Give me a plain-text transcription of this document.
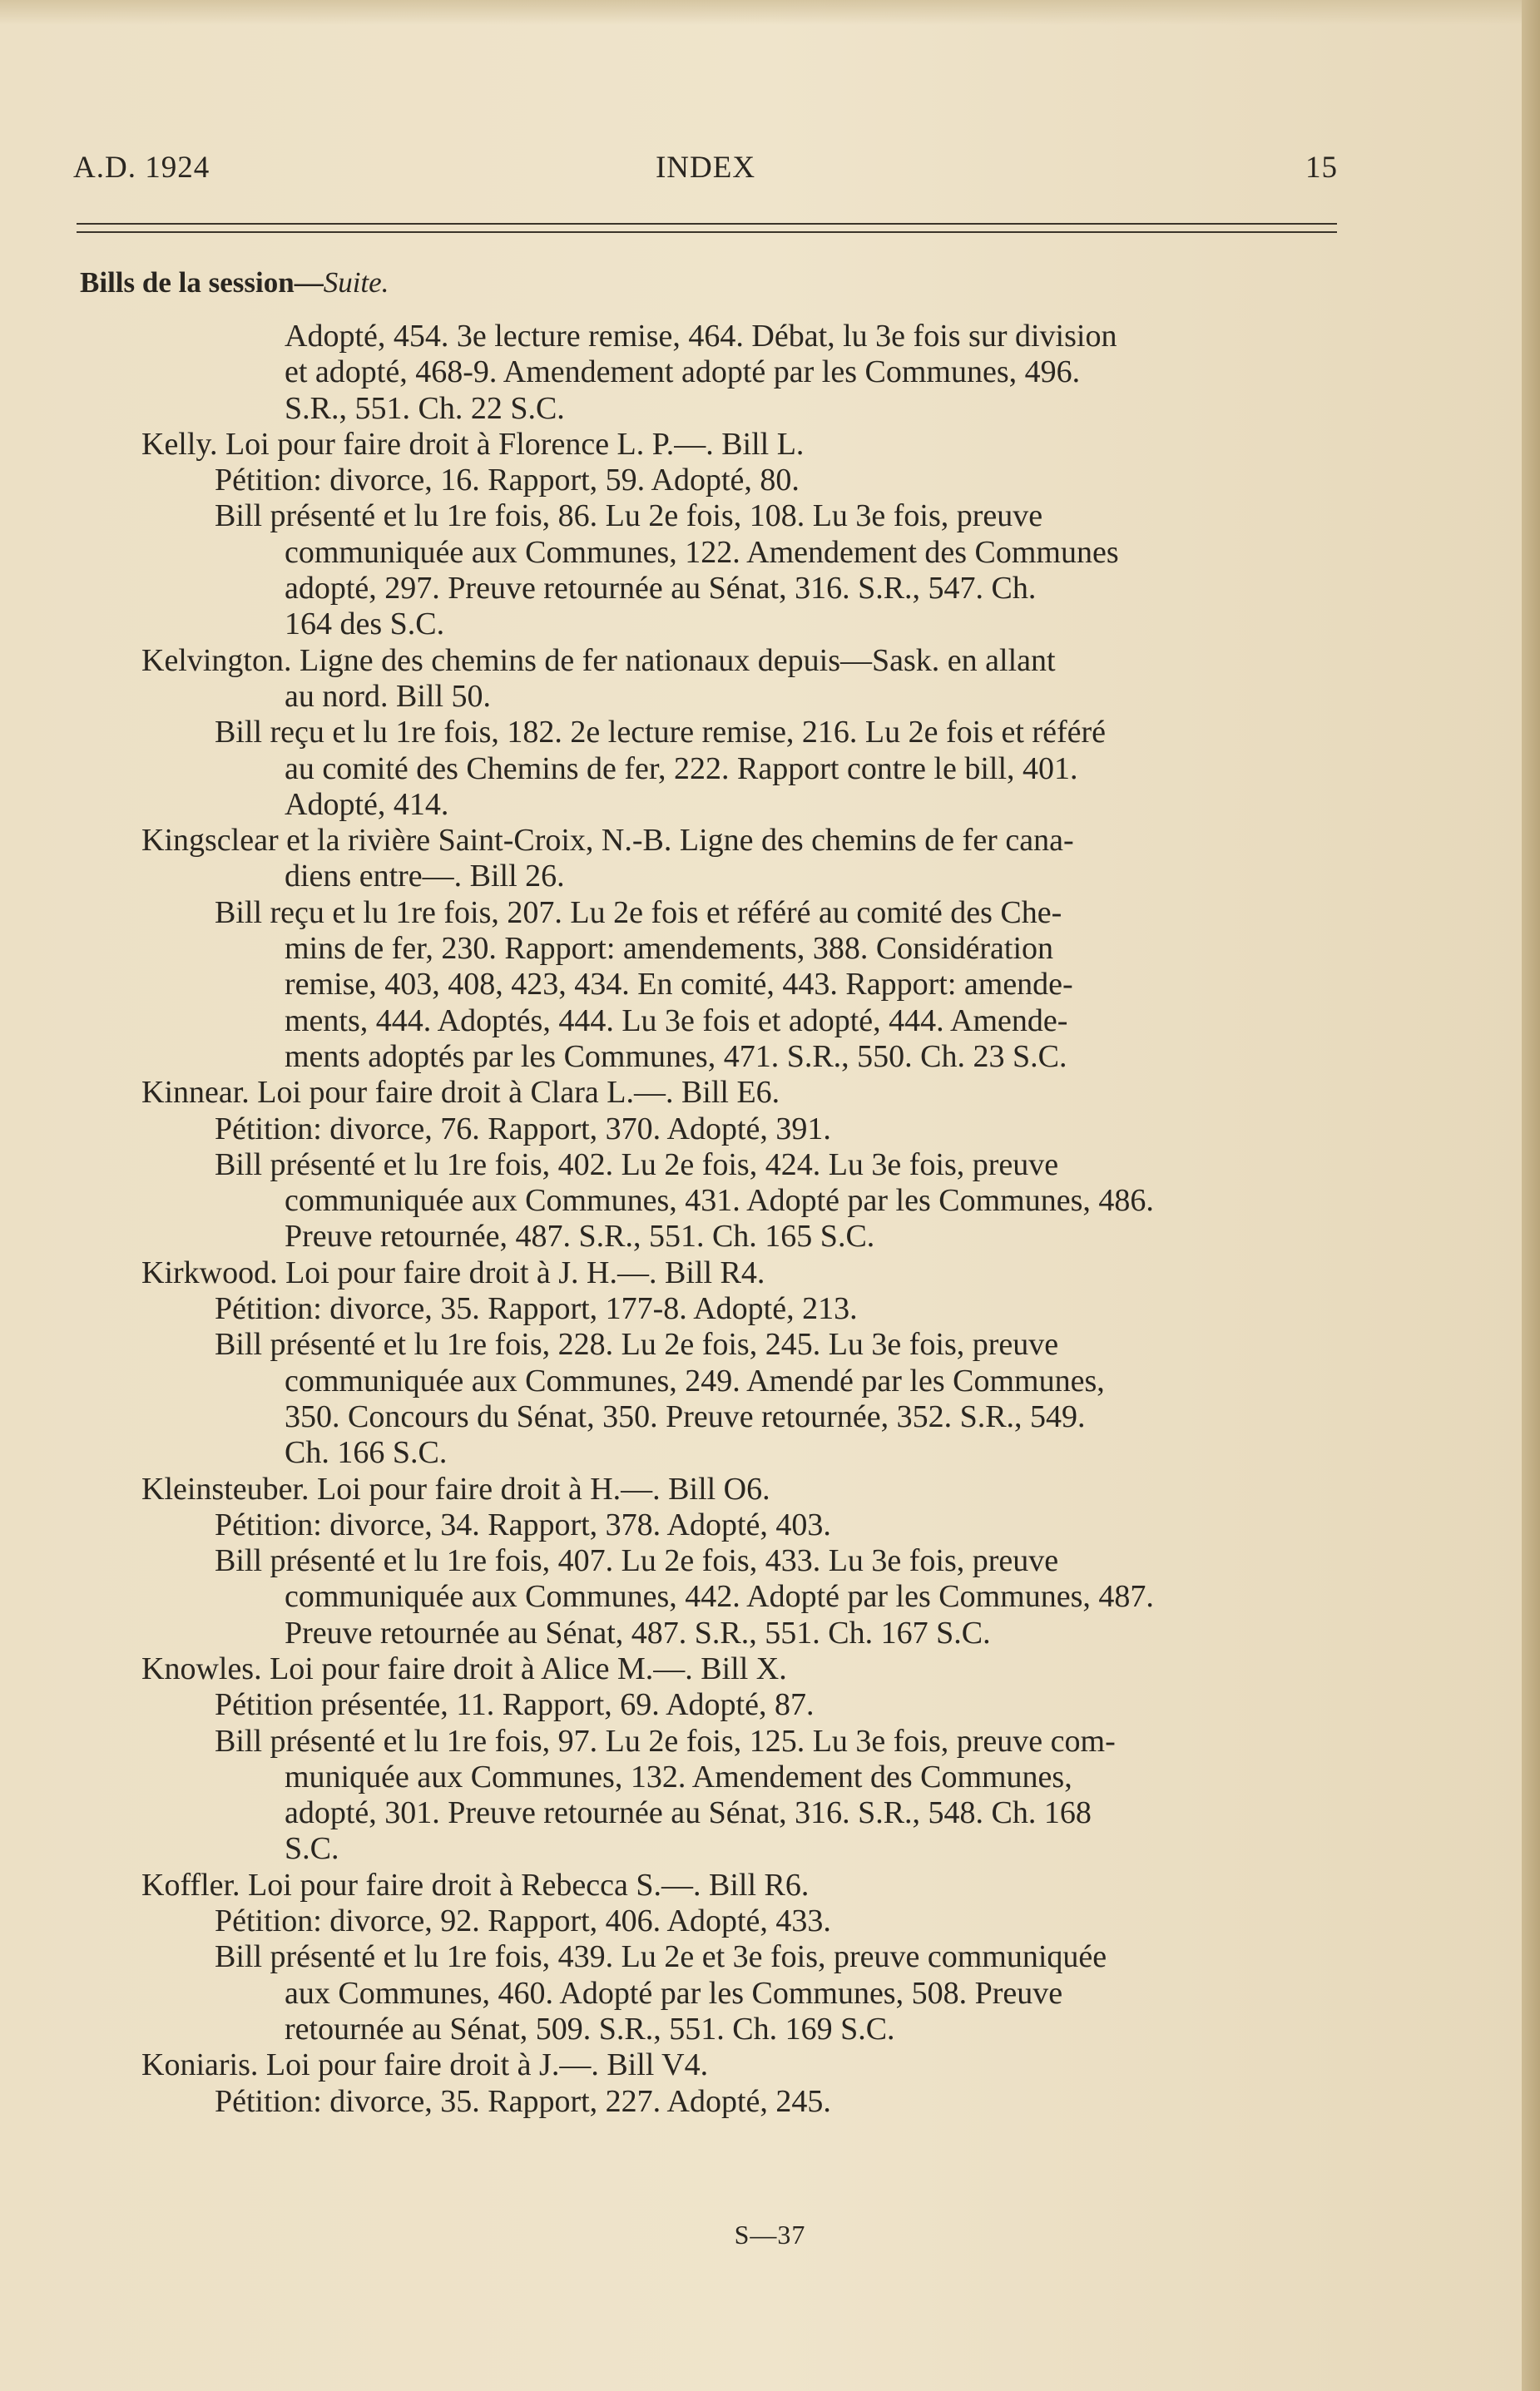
A.D. 1924	INDEX	15
Bills de la session—Suite.
Adopté, 454. 3e lecture remise, 464. Débat, lu 3e fois sur division
et adopté, 468-9. Amendement adopté par les Communes, 496.
S.R., 551. Ch. 22 S.C.
Kelly. Loi pour faire droit à Florence L. P.—. Bill L.
Pétition: divorce, 16. Rapport, 59. Adopté, 80.
Bill présenté et lu 1re fois, 86. Lu 2e fois, 108. Lu 3e fois, preuve
communiquée aux Communes, 122. Amendement des Communes
adopté, 297. Preuve retournée au Sénat, 316. S.R., 547. Ch.
164 des S.C.
Kelvington. Ligne des chemins de fer nationaux depuis—Sask. en allant
au nord. Bill 50.
Bill reçu et lu 1re fois, 182. 2e lecture remise, 216. Lu 2e fois et référé
au comité des Chemins de fer, 222. Rapport contre le bill, 401.
Adopté, 414.
Kingsclear et la rivière Saint-Croix, N.-B. Ligne des chemins de fer cana-
diens entre—. Bill 26.
Bill reçu et lu 1re fois, 207. Lu 2e fois et référé au comité des Che-
mins de fer, 230. Rapport: amendements, 388. Considération
remise, 403, 408, 423, 434. En comité, 443. Rapport: amende-
ments, 444. Adoptés, 444. Lu 3e fois et adopté, 444. Amende-
ments adoptés par les Communes, 471. S.R., 550. Ch. 23 S.C.
Kinnear. Loi pour faire droit à Clara L.—. Bill E6.
Pétition: divorce, 76. Rapport, 370. Adopté, 391.
Bill présenté et lu 1re fois, 402. Lu 2e fois, 424. Lu 3e fois, preuve
communiquée aux Communes, 431. Adopté par les Communes, 486.
Preuve retournée, 487. S.R., 551. Ch. 165 S.C.
Kirkwood. Loi pour faire droit à J. H.—. Bill R4.
Pétition: divorce, 35. Rapport, 177-8. Adopté, 213.
Bill présenté et lu 1re fois, 228. Lu 2e fois, 245. Lu 3e fois, preuve
communiquée aux Communes, 249. Amendé par les Communes,
350. Concours du Sénat, 350. Preuve retournée, 352. S.R., 549.
Ch. 166 S.C.
Kleinsteuber. Loi pour faire droit à H.—. Bill O6.
Pétition: divorce, 34. Rapport, 378. Adopté, 403.
Bill présenté et lu 1re fois, 407. Lu 2e fois, 433. Lu 3e fois, preuve
communiquée aux Communes, 442. Adopté par les Communes, 487.
Preuve retournée au Sénat, 487. S.R., 551. Ch. 167 S.C.
Knowles. Loi pour faire droit à Alice M.—. Bill X.
Pétition présentée, 11. Rapport, 69. Adopté, 87.
Bill présenté et lu 1re fois, 97. Lu 2e fois, 125. Lu 3e fois, preuve com-
muniquée aux Communes, 132. Amendement des Communes,
adopté, 301. Preuve retournée au Sénat, 316. S.R., 548. Ch. 168
S.C.
Koffler. Loi pour faire droit à Rebecca S.—. Bill R6.
Pétition: divorce, 92. Rapport, 406. Adopté, 433.
Bill présenté et lu 1re fois, 439. Lu 2e et 3e fois, preuve communiquée
aux Communes, 460. Adopté par les Communes, 508. Preuve
retournée au Sénat, 509. S.R., 551. Ch. 169 S.C.
Koniaris. Loi pour faire droit à J.—. Bill V4.
Pétition: divorce, 35. Rapport, 227. Adopté, 245.
S—37
